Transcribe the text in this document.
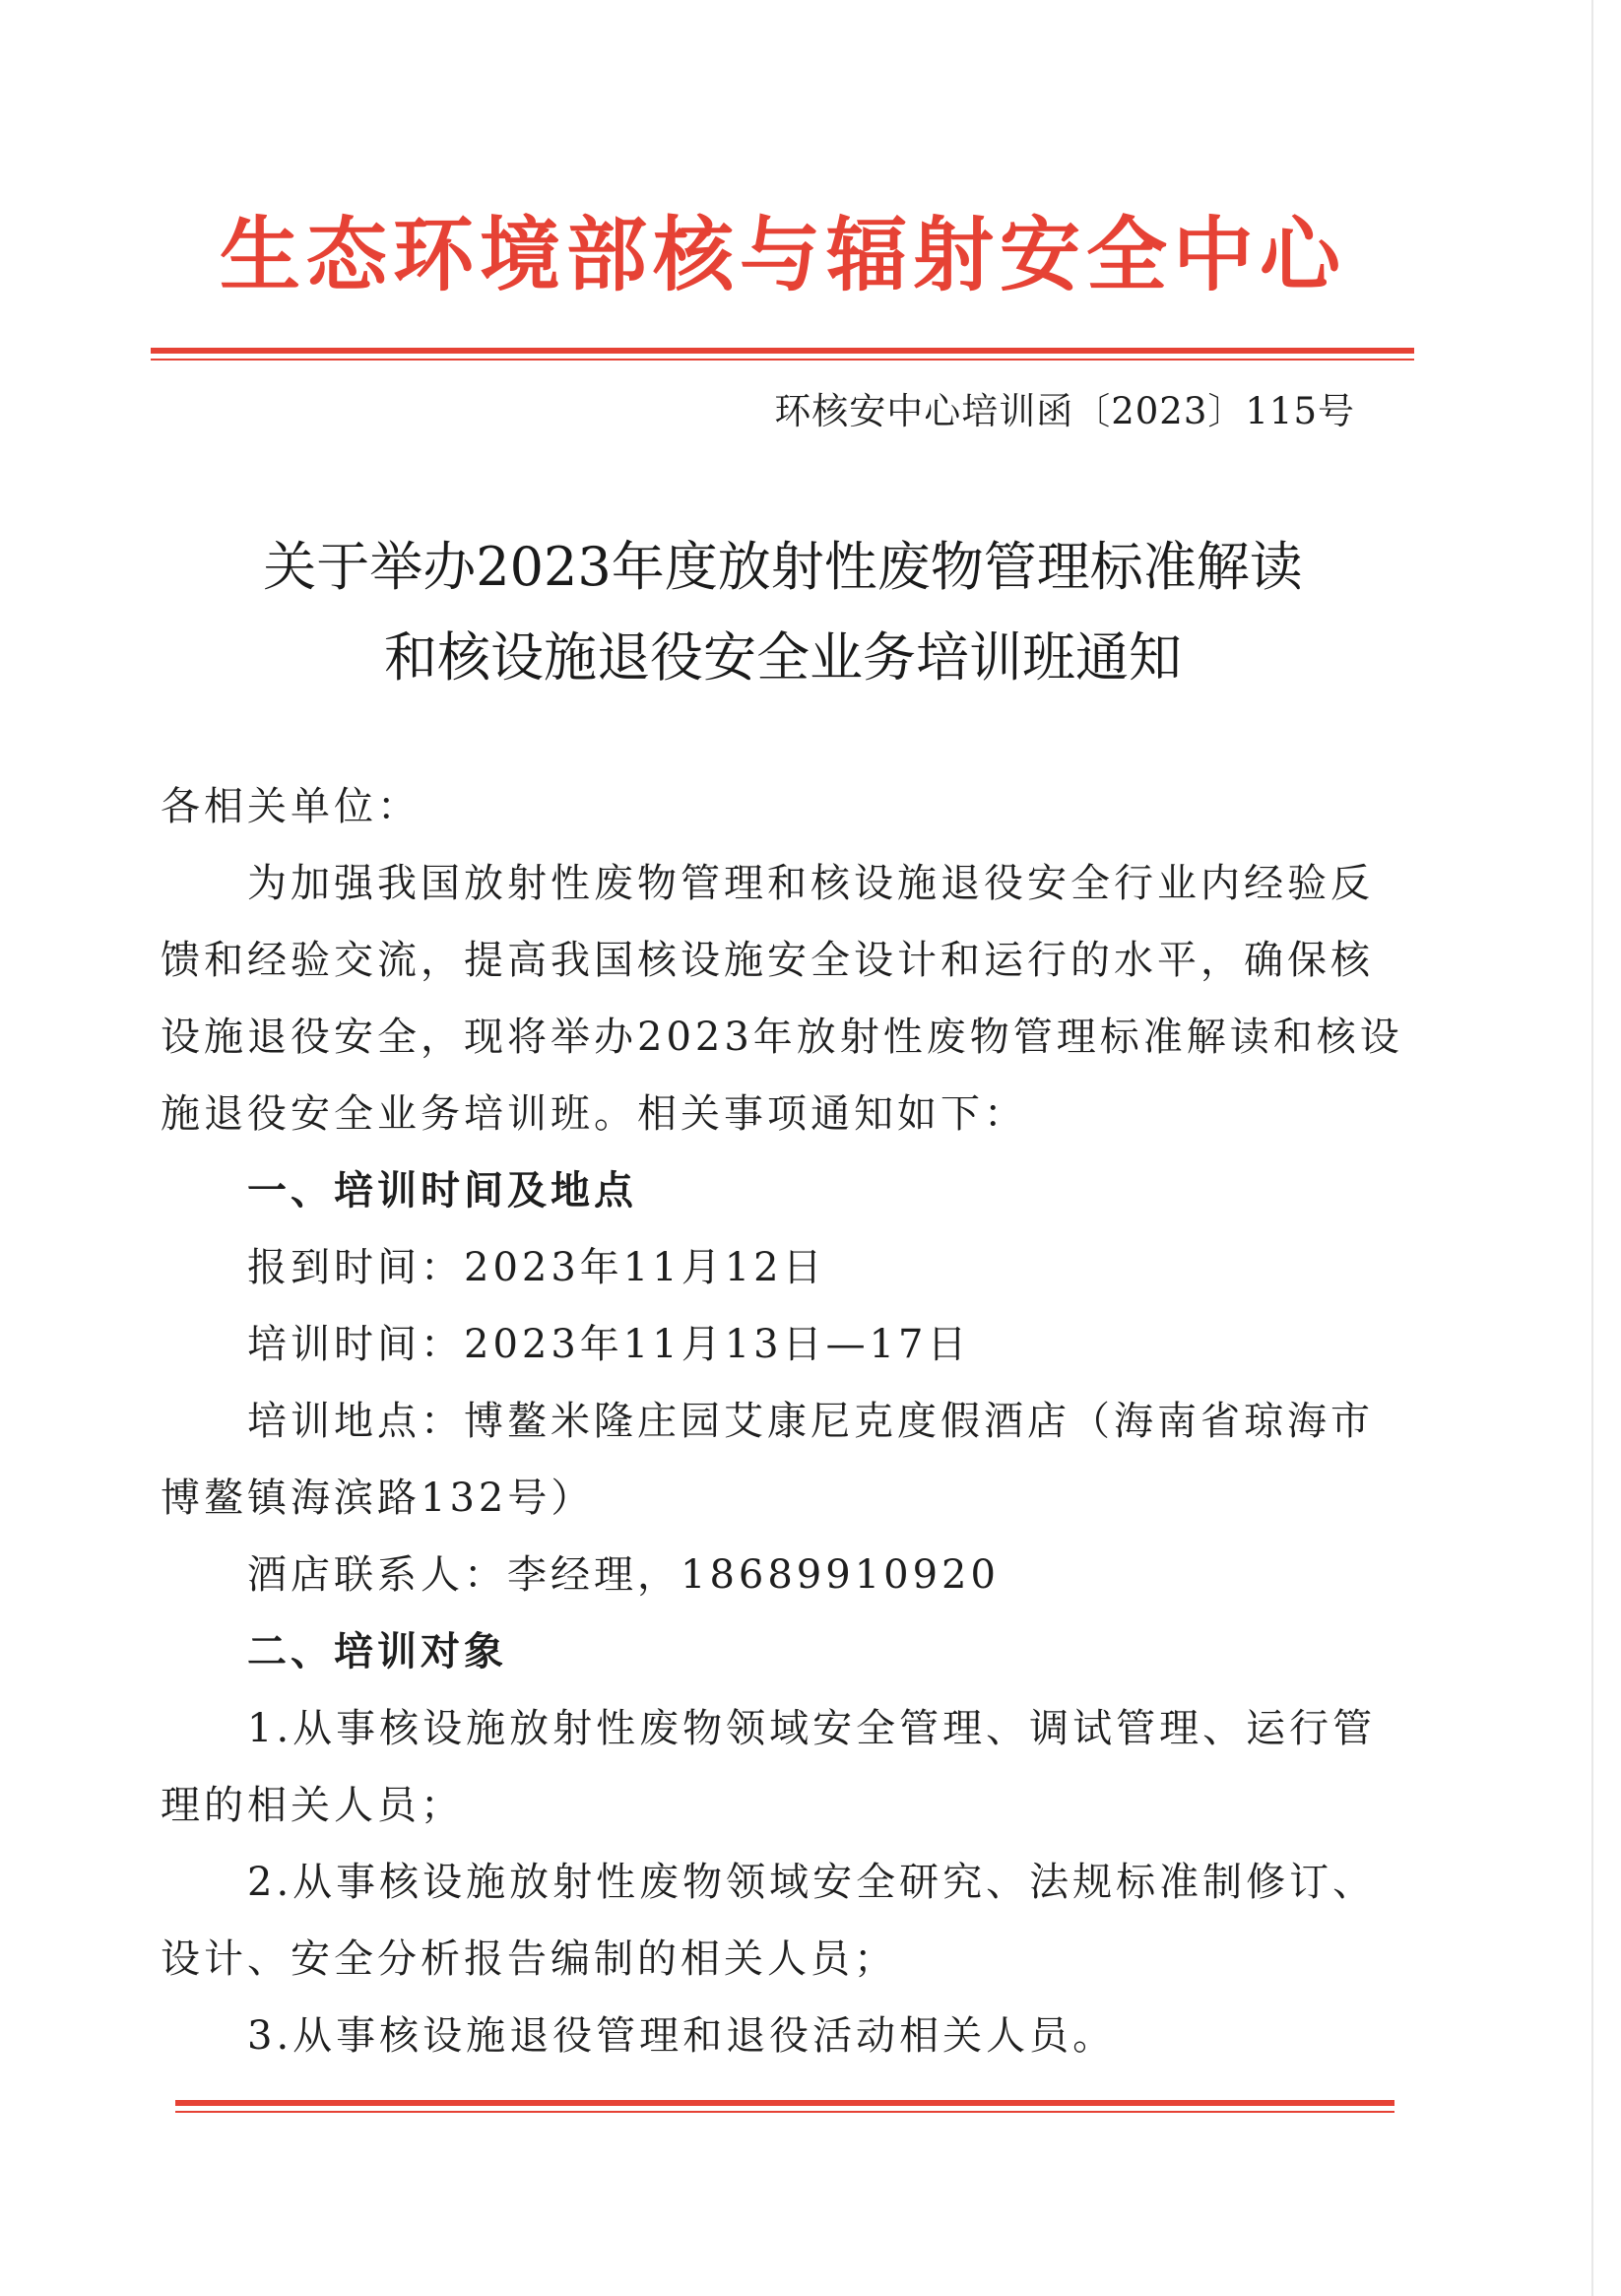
生态环境部核与辐射安全中心
环核安中心培训函〔2023〕115号
关于举办2023年度放射性废物管理标准解读
和核设施退役安全业务培训班通知
各相关单位：
为加强我国放射性废物管理和核设施退役安全行业内经验反
馈和经验交流，提高我国核设施安全设计和运行的水平，确保核
设施退役安全，现将举办2023年放射性废物管理标准解读和核设
施退役安全业务培训班。相关事项通知如下：
一、培训时间及地点
报到时间：2023年11月12日
培训时间：2023年11月13日—17日
培训地点：博鳌米隆庄园艾康尼克度假酒店（海南省琼海市
博鳌镇海滨路132号）
酒店联系人：李经理，18689910920
二、培训对象
1.从事核设施放射性废物领域安全管理、调试管理、运行管
理的相关人员；
2.从事核设施放射性废物领域安全研究、法规标准制修订、
设计、安全分析报告编制的相关人员；
3.从事核设施退役管理和退役活动相关人员。
